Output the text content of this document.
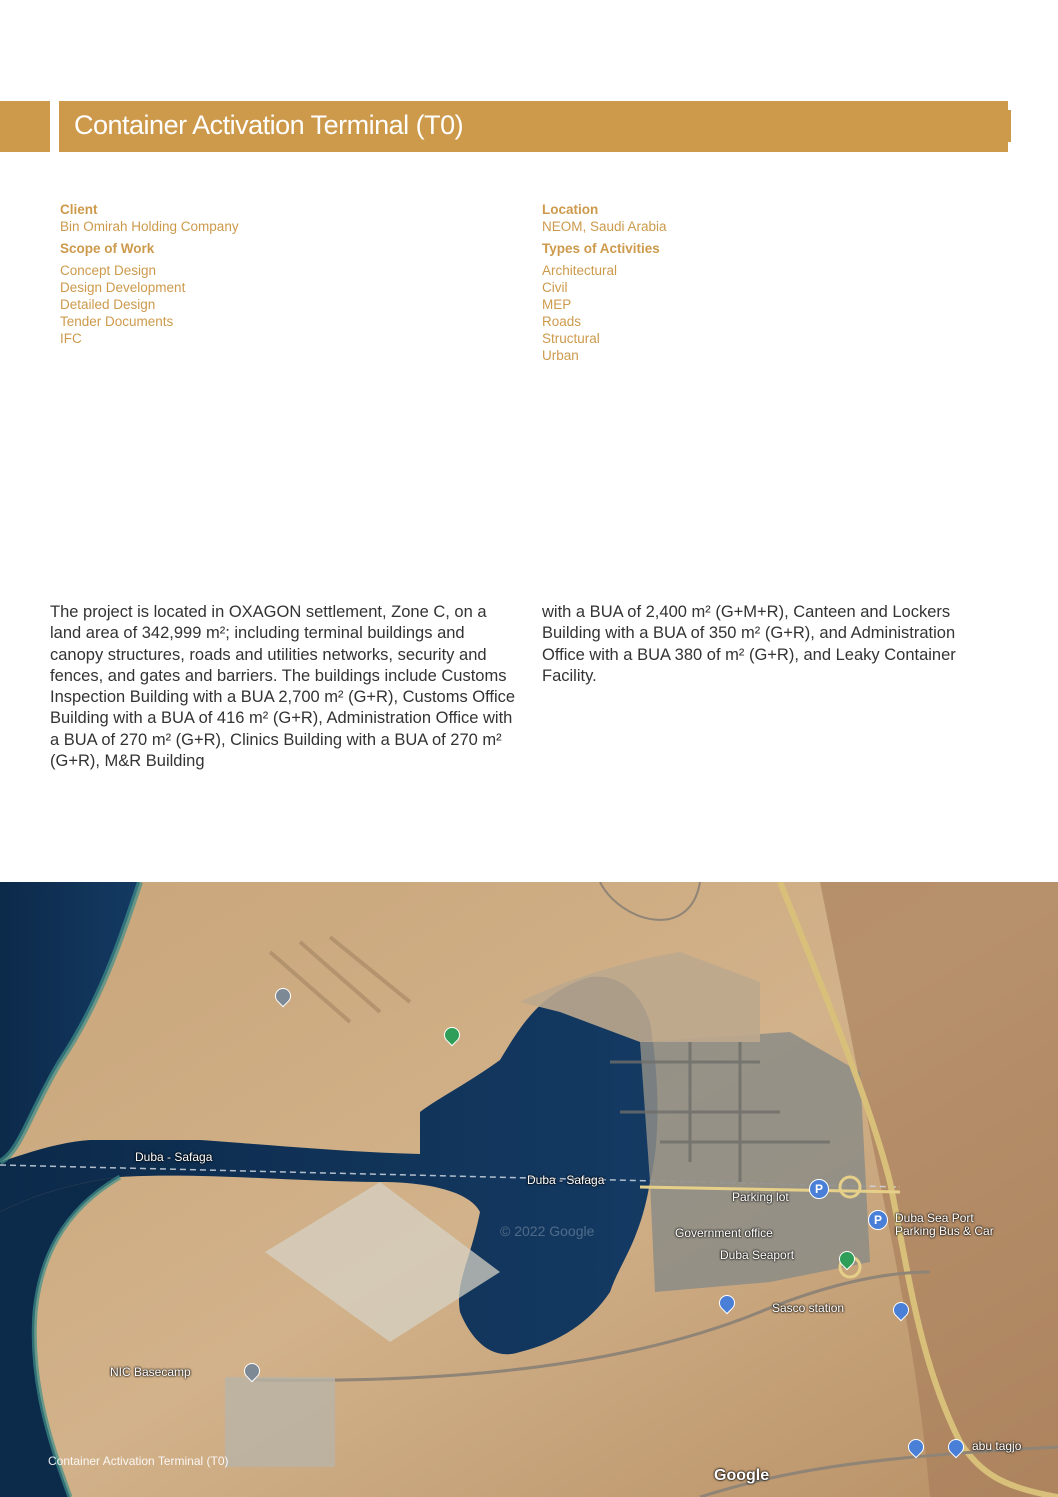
Container Activation Terminal (T0)
Client
Bin Omirah Holding Company
Scope of Work
Concept Design
Design Development
Detailed Design
Tender Documents
IFC
Location
NEOM, Saudi Arabia
Types of Activities
Architectural
Civil
MEP
Roads
Structural
Urban
The project is located in OXAGON settlement, Zone C, on a land area of 342,999 m²; including terminal buildings and canopy structures, roads and utilities networks, security and fences, and gates and barriers. The buildings include Customs Inspection Building with a BUA 2,700 m² (G+R), Customs Office Building with a BUA of 416 m² (G+R), Administration Office with a BUA of 270 m² (G+R), Clinics Building with a BUA of 270 m² (G+R), M&R Building
with a BUA of 2,400 m² (G+M+R), Canteen and Lockers Building with a BUA of 350 m² (G+R), and Administration Office with a BUA 380 of m² (G+R), and Leaky Container Facility.
© 2022 Google
Duba - Safaga
Duba - Safaga
P
Parking lot
Government office
P	Duba Sea Port
Parking Bus & Car
Duba Seaport
Sasco station
NIC Basecamp
abu tagjo
Google
Container Activation Terminal (T0)
